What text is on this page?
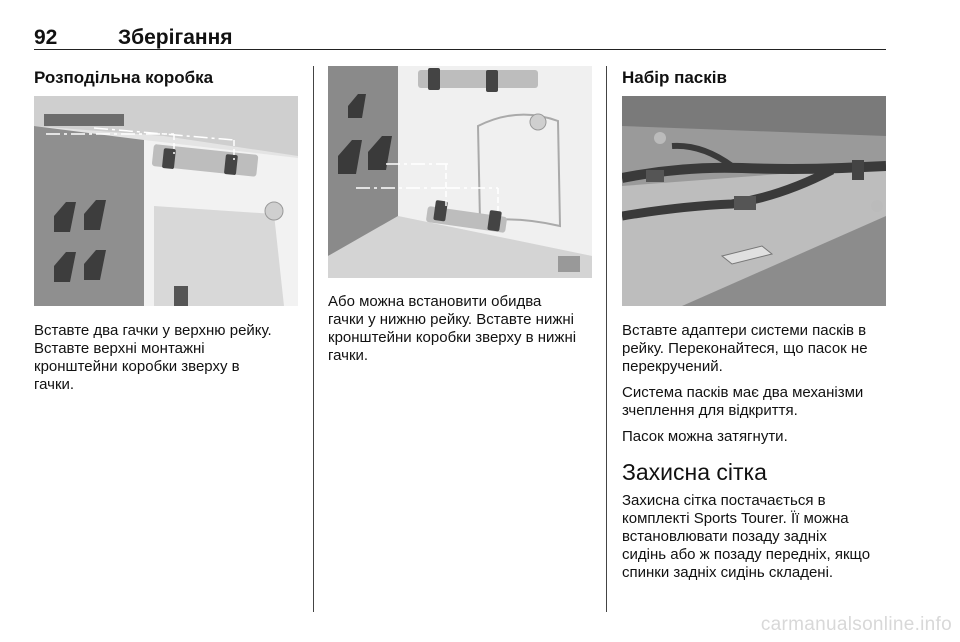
92	Зберігання
Розподільна коробка
Вставте два гачки у верхню рейку.
Вставте верхні монтажні
кронштейни коробки зверху в
гачки.
Або можна встановити обидва
гачки у нижню рейку. Вставте нижні
кронштейни коробки зверху в нижні
гачки.
Набір пасків
Вставте адаптери системи пасків в
рейку. Переконайтеся, що пасок не
перекручений.
Система пасків має два механізми
зчеплення для відкриття.
Пасок можна затягнути.
Захисна сітка
Захисна сітка постачається в
комплекті Sports Tourer. Її можна
встановлювати позаду задніх
сидінь або ж позаду передніх, якщо
спинки задніх сидінь складені.
carmanualsonline.info
